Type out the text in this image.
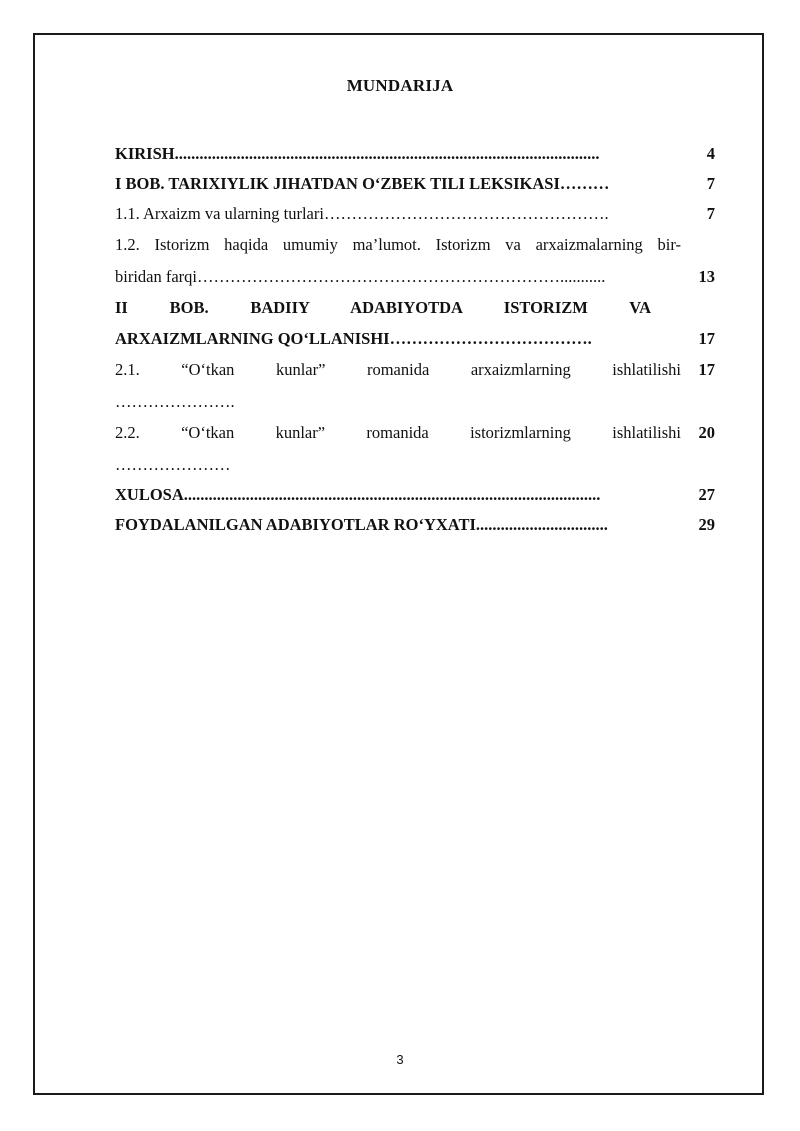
MUNDARIJA
KIRISH.......................................................................................................	4
I BOB. TARIXIYLIK JIHATDAN O‘ZBEK TILI LEKSIKASI………	7
1.1. Arxaizm va ularning turlari…………………………………………….	7
1.2. Istorizm haqida umumiy ma’lumot. Istorizm va arxaizmalarning bir-
biridan farqi…………………………………………………………...........	13
II BOB. BADIIY ADABIYOTDA ISTORIZM VA
ARXAIZMLARNING QO‘LLANISHI……………………………….	17
2.1. “O‘tkan kunlar” romanida arxaizmlarning ishlatilishi	17
………………….
2.2. “O‘tkan kunlar” romanida istorizmlarning ishlatilishi	20
…………………
XULOSA.....................................................................................................	27
FOYDALANILGAN ADABIYOTLAR RO‘YXATI................................	29
3
